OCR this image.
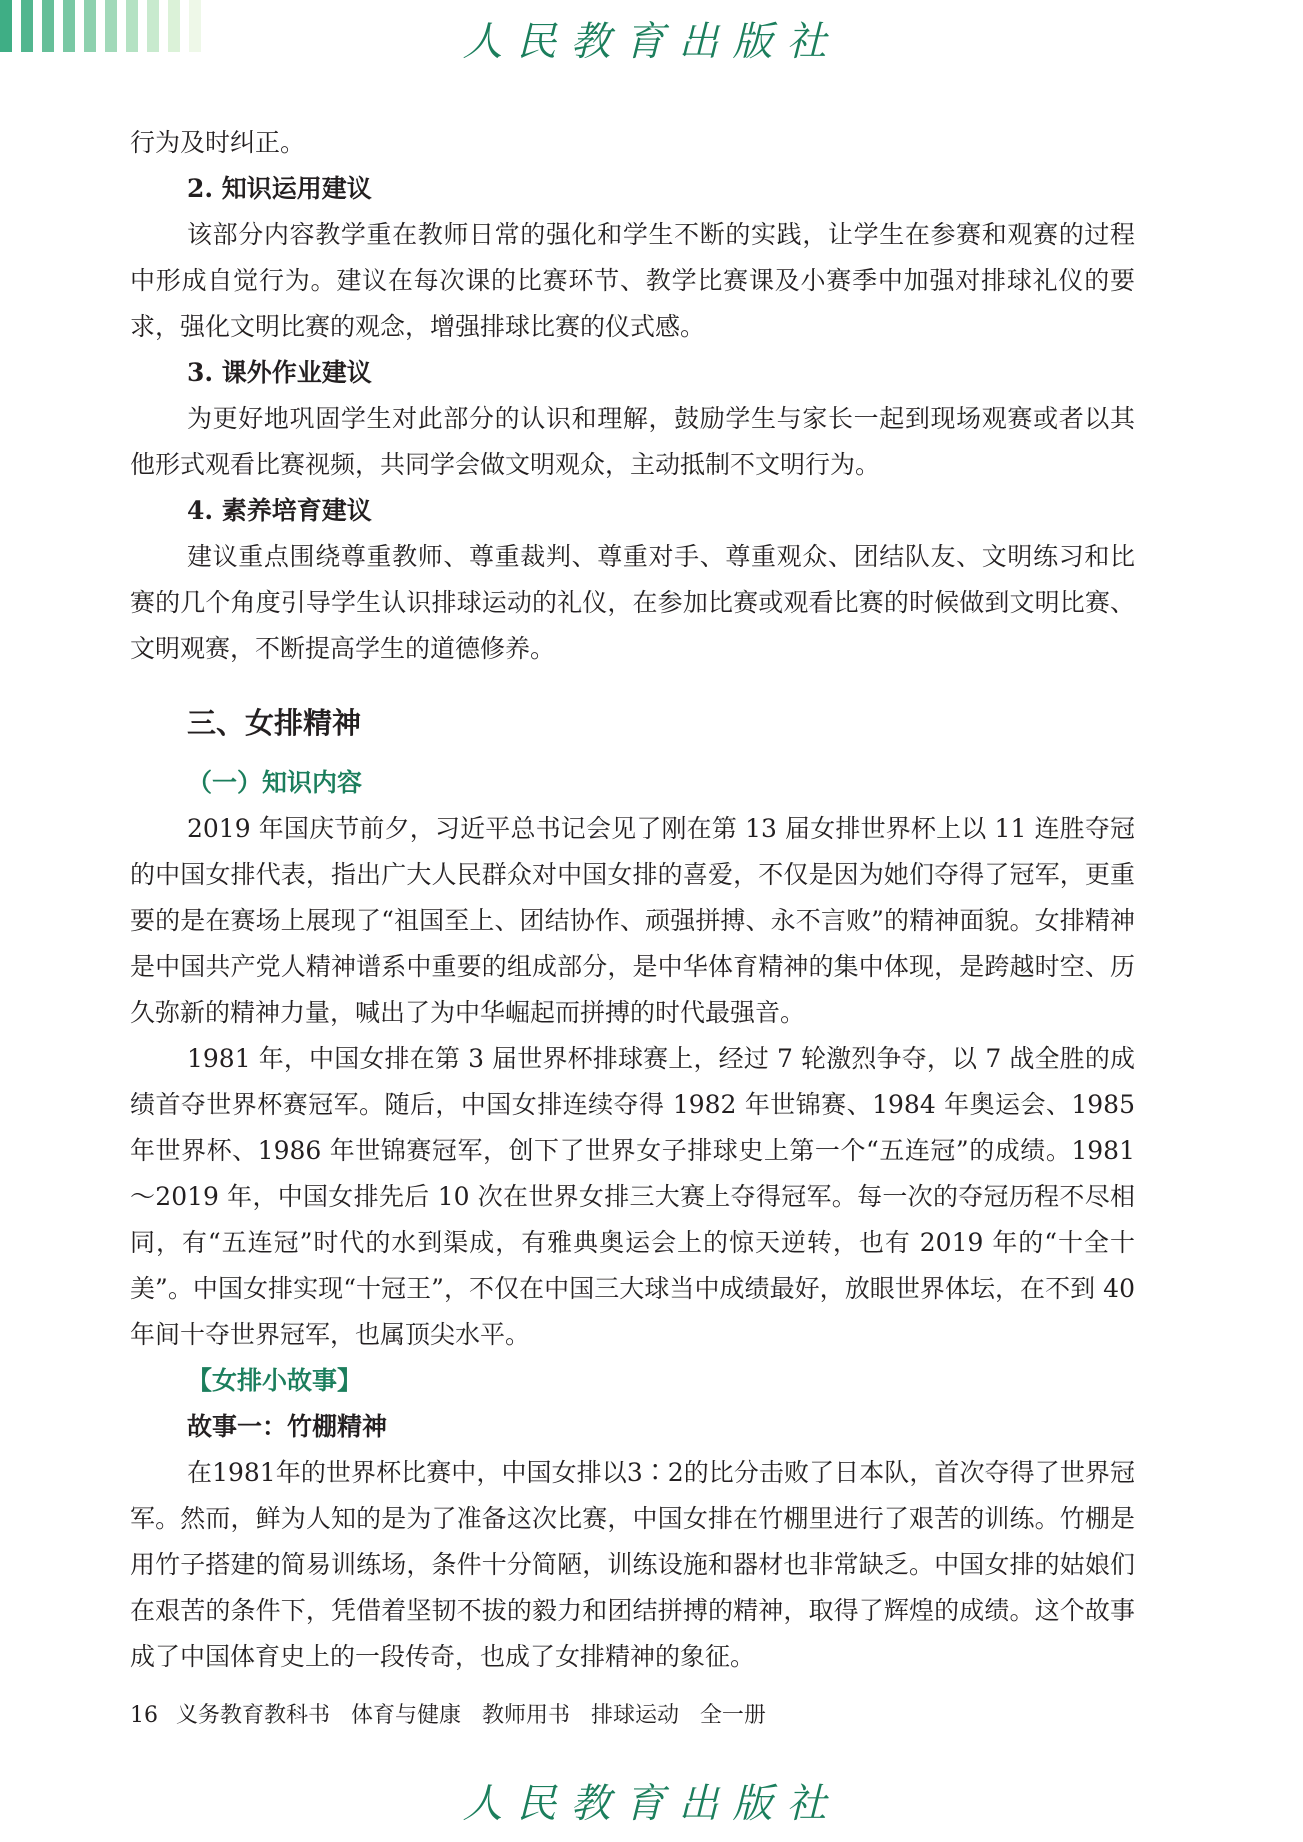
人民教育出版社

行为及时纠正。

2. 知识运用建议

该部分内容教学重在教师日常的强化和学生不断的实践，让学生在参赛和观赛的过程中形成自觉行为。建议在每次课的比赛环节、教学比赛课及小赛季中加强对排球礼仪的要求，强化文明比赛的观念，增强排球比赛的仪式感。

3. 课外作业建议

为更好地巩固学生对此部分的认识和理解，鼓励学生与家长一起到现场观赛或者以其他形式观看比赛视频，共同学会做文明观众，主动抵制不文明行为。

4. 素养培育建议

建议重点围绕尊重教师、尊重裁判、尊重对手、尊重观众、团结队友、文明练习和比赛的几个角度引导学生认识排球运动的礼仪，在参加比赛或观看比赛的时候做到文明比赛、文明观赛，不断提高学生的道德修养。

三、女排精神
（一）知识内容

2019 年国庆节前夕，习近平总书记会见了刚在第 13 届女排世界杯上以 11 连胜夺冠的中国女排代表，指出广大人民群众对中国女排的喜爱，不仅是因为她们夺得了冠军，更重要的是在赛场上展现了“祖国至上、团结协作、顽强拼搏、永不言败”的精神面貌。女排精神是中国共产党人精神谱系中重要的组成部分，是中华体育精神的集中体现，是跨越时空、历久弥新的精神力量，喊出了为中华崛起而拼搏的时代最强音。

1981 年，中国女排在第 3 届世界杯排球赛上，经过 7 轮激烈争夺，以 7 战全胜的成绩首夺世界杯赛冠军。随后，中国女排连续夺得 1982 年世锦赛、1984 年奥运会、1985 年世界杯、1986 年世锦赛冠军，创下了世界女子排球史上第一个“五连冠”的成绩。1981～2019 年，中国女排先后 10 次在世界女排三大赛上夺得冠军。每一次的夺冠历程不尽相同，有“五连冠”时代的水到渠成，有雅典奥运会上的惊天逆转，也有 2019 年的“十全十美”。中国女排实现“十冠王”，不仅在中国三大球当中成绩最好，放眼世界体坛，在不到 40 年间十夺世界冠军，也属顶尖水平。

【女排小故事】
故事一：竹棚精神

在1981年的世界杯比赛中，中国女排以3∶2的比分击败了日本队，首次夺得了世界冠军。然而，鲜为人知的是为了准备这次比赛，中国女排在竹棚里进行了艰苦的训练。竹棚是用竹子搭建的简易训练场，条件十分简陋，训练设施和器材也非常缺乏。中国女排的姑娘们在艰苦的条件下，凭借着坚韧不拔的毅力和团结拼搏的精神，取得了辉煌的成绩。这个故事成了中国体育史上的一段传奇，也成了女排精神的象征。

16 义务教育教科书   体育与健康   教师用书   排球运动   全一册
人民教育出版社
